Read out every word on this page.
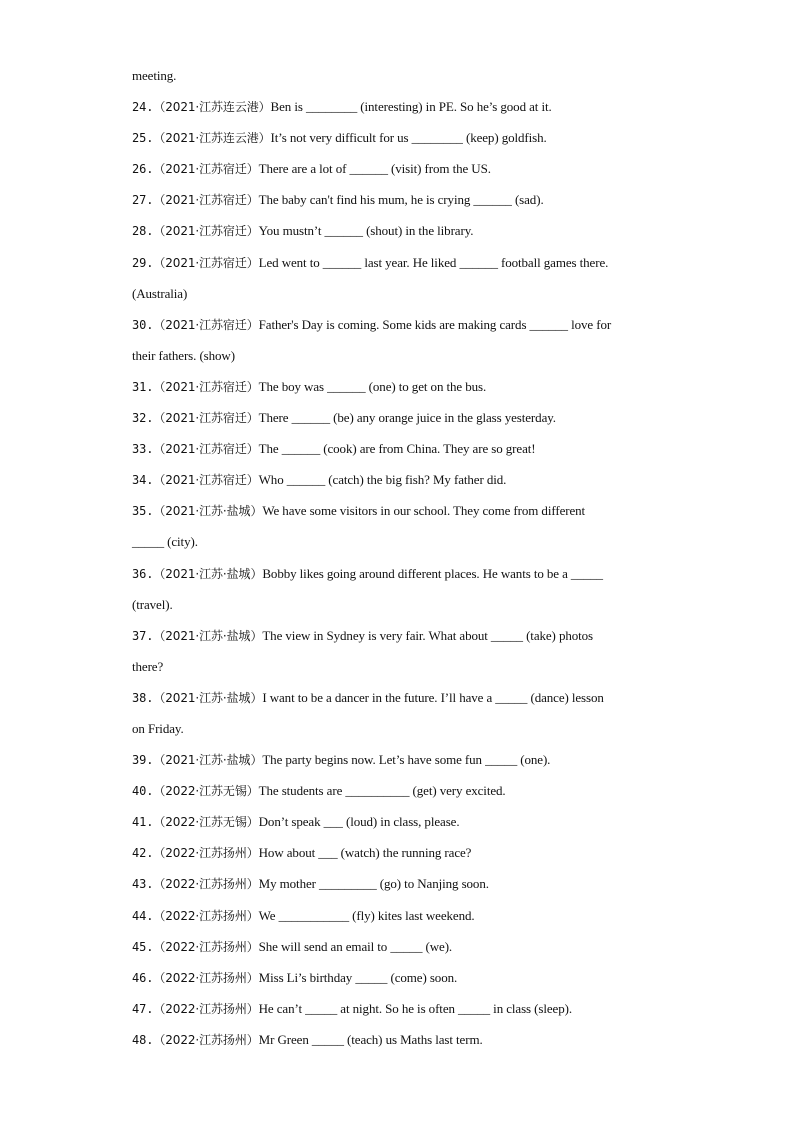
meeting.
24.（2021·江苏连云港）Ben is ________ (interesting) in PE. So he’s good at it.
25.（2021·江苏连云港）It’s not very difficult for us ________ (keep) goldfish.
26.（2021·江苏宿迁）There are a lot of ______ (visit) from the US.
27.（2021·江苏宿迁）The baby can't find his mum, he is crying ______ (sad).
28.（2021·江苏宿迁）You mustn’t ______ (shout) in the library.
29.（2021·江苏宿迁）Led went to ______ last year. He liked ______ football games there.
(Australia)
30.（2021·江苏宿迁）Father's Day is coming. Some kids are making cards ______ love for
their fathers. (show)
31.（2021·江苏宿迁）The boy was ______ (one) to get on the bus.
32.（2021·江苏宿迁）There ______ (be) any orange juice in the glass yesterday.
33.（2021·江苏宿迁）The ______ (cook) are from China. They are so great!
34.（2021·江苏宿迁）Who ______ (catch) the big fish? My father did.
35.（2021·江苏·盐城）We have some visitors in our school. They come from different
_____ (city).
36.（2021·江苏·盐城）Bobby likes going around different places. He wants to be a _____
(travel).
37.（2021·江苏·盐城）The view in Sydney is very fair. What about _____ (take) photos
there?
38.（2021·江苏·盐城）I want to be a dancer in the future. I’ll have a _____ (dance) lesson
on Friday.
39.（2021·江苏·盐城）The party begins now. Let’s have some fun _____ (one).
40.（2022·江苏无锡）The students are __________ (get) very excited.
41.（2022·江苏无锡）Don’t speak ___ (loud) in class, please.
42.（2022·江苏扬州）How about ___ (watch) the running race?
43.（2022·江苏扬州）My mother _________ (go) to Nanjing soon.
44.（2022·江苏扬州）We ___________ (fly) kites last weekend.
45.（2022·江苏扬州）She will send an email to _____ (we).
46.（2022·江苏扬州）Miss Li’s birthday _____ (come) soon.
47.（2022·江苏扬州）He can’t _____ at night. So he is often _____ in class (sleep).
48.（2022·江苏扬州）Mr Green _____ (teach) us Maths last term.
